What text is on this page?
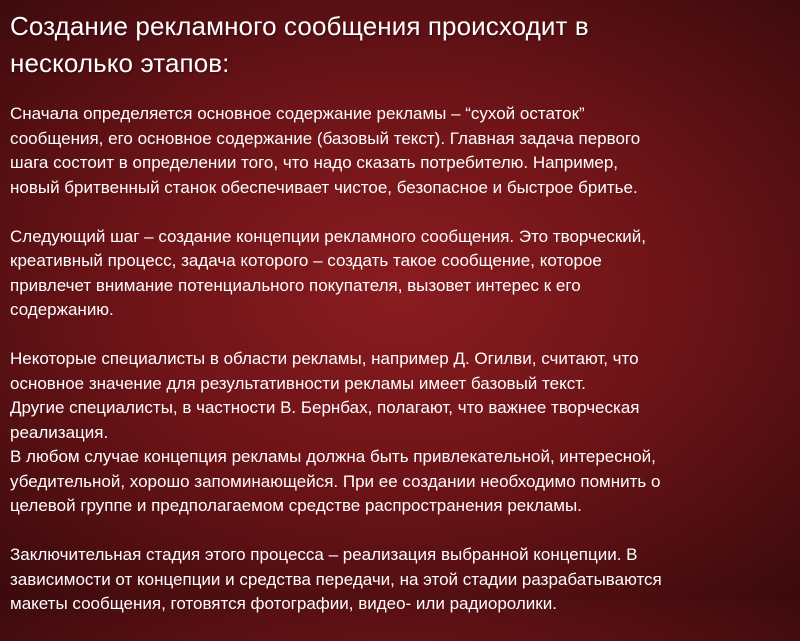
Создание рекламного сообщения происходит в
несколько этапов:

Сначала определяется основное содержание рекламы – “сухой остаток”
сообщения, его основное содержание (базовый текст). Главная задача первого
шага состоит в определении того, что надо сказать потребителю. Например,
новый бритвенный станок обеспечивает чистое, безопасное и быстрое бритье.

Следующий шаг – создание концепции рекламного сообщения. Это творческий,
креативный процесс, задача которого – создать такое сообщение, которое
привлечет внимание потенциального покупателя, вызовет интерес к его
содержанию.

Некоторые специалисты в области рекламы, например Д. Огилви, считают, что
основное значение для результативности рекламы имеет базовый текст.
Другие специалисты, в частности В. Бернбах, полагают, что важнее творческая
реализация.
В любом случае концепция рекламы должна быть привлекательной, интересной,
убедительной, хорошо запоминающейся. При ее создании необходимо помнить о
целевой группе и предполагаемом средстве распространения рекламы.

Заключительная стадия этого процесса – реализация выбранной концепции. В
зависимости от концепции и средства передачи, на этой стадии разрабатываются
макеты сообщения, готовятся фотографии, видео- или радиоролики.
